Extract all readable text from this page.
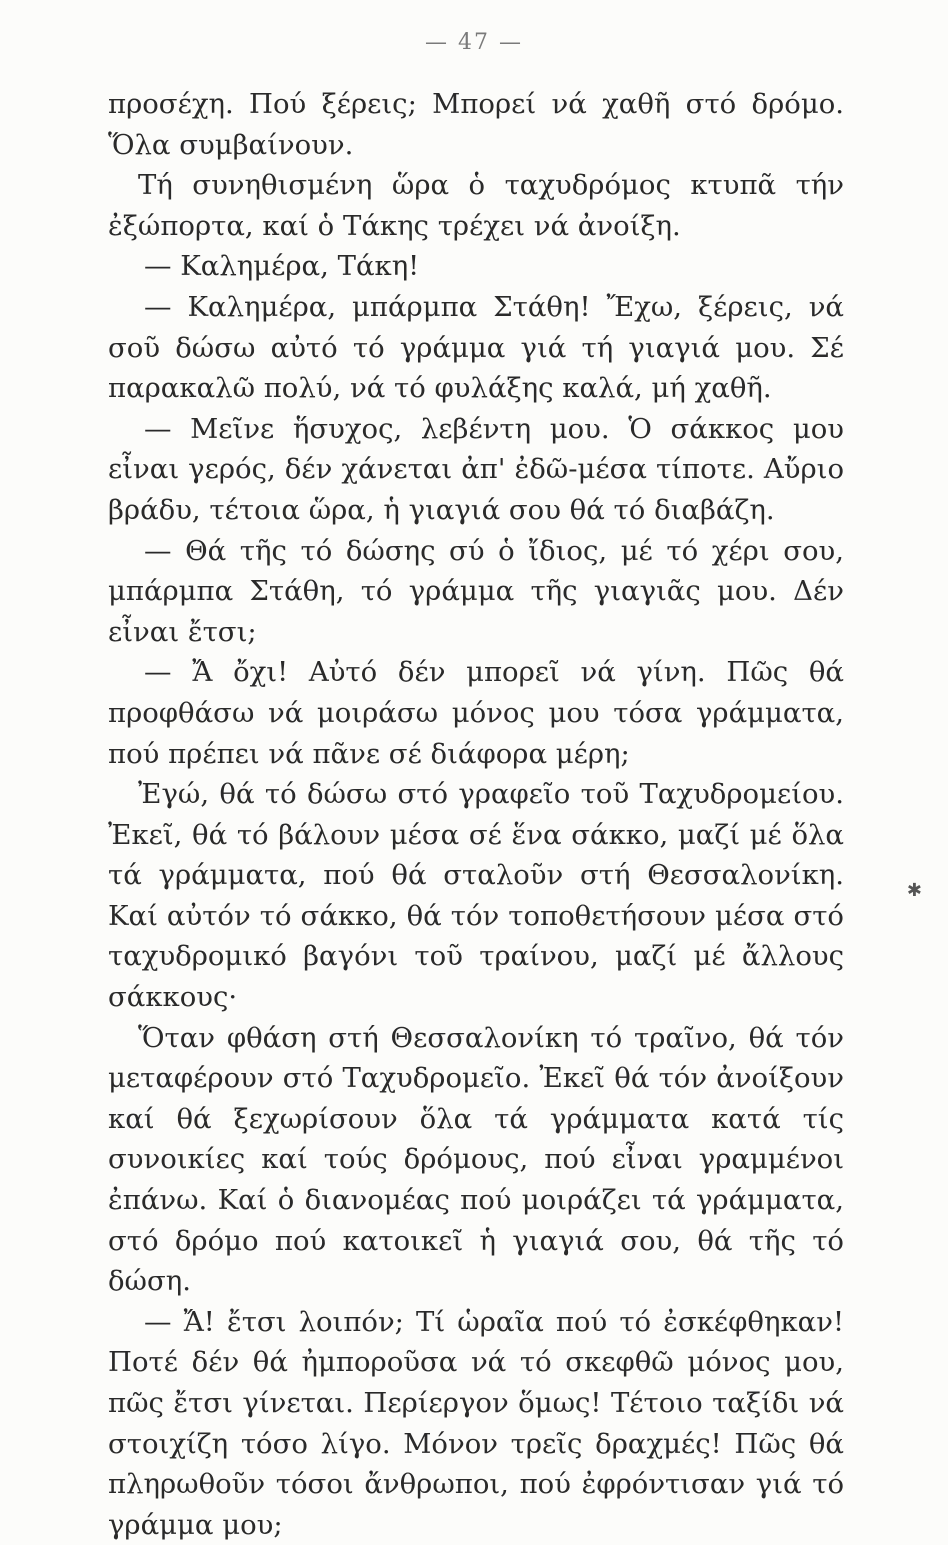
— 47 —

προσέχη. Πού ξέρεις; Μπορεί νά χαθῆ στό δρόμο. Ὅλα συμβαίνουν.

Τή συνηθισμένη ὥρα ὁ ταχυδρόμος κτυπᾶ τήν ἐξώπορτα, καί ὁ Τάκης τρέχει νά ἀνοίξη.

— Καλημέρα, Τάκη!

— Καλημέρα, μπάρμπα Στάθη! Ἔχω, ξέρεις, νά σοῦ δώσω αὐτό τό γράμμα γιά τή γιαγιά μου. Σέ παρακαλῶ πολύ, νά τό φυλάξης καλά, μή χαθῆ.

— Μεῖνε ἥσυχος, λεβέντη μου. Ὁ σάκκος μου εἶναι γερός, δέν χάνεται ἀπ' ἐδῶ-μέσα τίποτε. Αὔριο βράδυ, τέτοια ὥρα, ἡ γιαγιά σου θά τό διαβάζη.

— Θά τῆς τό δώσης σύ ὁ ἴδιος, μέ τό χέρι σου, μπάρμπα Στάθη, τό γράμμα τῆς γιαγιᾶς μου. Δέν εἶναι ἔτσι;

— Ἄ ὄχι! Αὐτό δέν μπορεῖ νά γίνη. Πῶς θά προφθάσω νά μοιράσω μόνος μου τόσα γράμματα, πού πρέπει νά πᾶνε σέ διάφορα μέρη;

Ἐγώ, θά τό δώσω στό γραφεῖο τοῦ Ταχυδρομείου. Ἐκεῖ, θά τό βάλουν μέσα σέ ἕνα σάκκο, μαζί μέ ὅλα τά γράμματα, πού θά σταλοῦν στή Θεσσαλονίκη. Καί αὐτόν τό σάκκο, θά τόν τοποθετήσουν μέσα στό ταχυδρομικό βαγόνι τοῦ τραίνου, μαζί μέ ἄλλους σάκκους·

Ὅταν φθάση στή Θεσσαλονίκη τό τραῖνο, θά τόν μεταφέρουν στό Ταχυδρομεῖο. Ἐκεῖ θά τόν ἀνοίξουν καί θά ξεχωρίσουν ὅλα τά γράμματα κατά τίς συνοικίες καί τούς δρόμους, πού εἶναι γραμμένοι ἐπάνω. Καί ὁ διανομέας πού μοιράζει τά γράμματα, στό δρόμο πού κατοικεῖ ἡ γιαγιά σου, θά τῆς τό δώση.

— Ἄ! ἔτσι λοιπόν; Τί ὡραῖα πού τό ἐσκέφθηκαν! Ποτέ δέν θά ἠμποροῦσα νά τό σκεφθῶ μόνος μου, πῶς ἔτσι γίνεται. Περίεργον ὅμως! Τέτοιο ταξίδι νά στοιχίζη τόσο λίγο. Μόνον τρεῖς δραχμές! Πῶς θά πληρωθοῦν τόσοι ἄνθρωποι, πού ἐφρόντισαν γιά τό γράμμα μου;

✱
